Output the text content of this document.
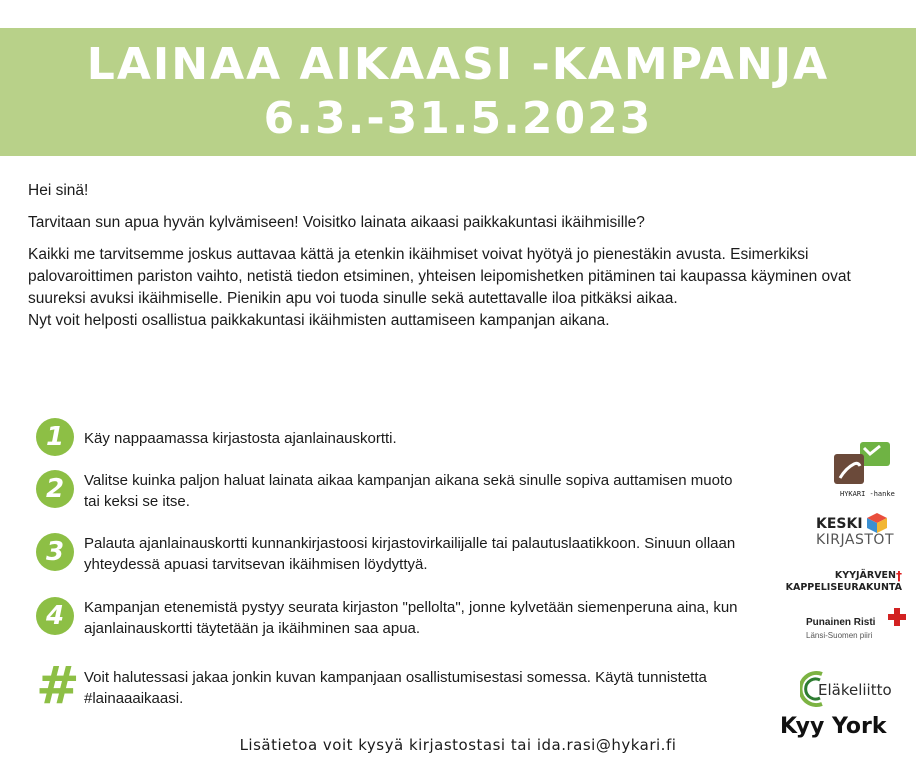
LAINAA AIKAASI -KAMPANJA
6.3.-31.5.2023

Hei sinä!

Tarvitaan sun apua hyvän kylvämiseen! Voisitko lainata aikaasi paikkakuntasi ikäihmisille?

Kaikki me tarvitsemme joskus auttavaa kättä ja etenkin ikäihmiset voivat hyötyä jo pienestäkin avusta. Esimerkiksi palovaroittimen pariston vaihto, netistä tiedon etsiminen, yhteisen leipomishetken pitäminen tai kaupassa käyminen ovat suureksi avuksi ikäihmiselle. Pienikin apu voi tuoda sinulle sekä autettavalle iloa pitkäksi aikaa.

Nyt voit helposti osallistua paikkakuntasi ikäihmisten auttamiseen kampanjan aikana.

1	Käy nappaamassa kirjastosta ajanlainauskortti.
2	Valitse kuinka paljon haluat lainata aikaa kampanjan aikana sekä sinulle sopiva auttamisen muoto tai keksi se itse.
3	Palauta ajanlainauskortti kunnankirjastoosi kirjastovirkailijalle tai palautuslaatikkoon. Sinuun ollaan yhteydessä apuasi tarvitsevan ikäihmisen löydyttyä.
4	Kampanjan etenemistä pystyy seurata kirjaston "pellolta", jonne kylvetään siemenperuna aina, kun ajanlainauskortti täytetään ja ikäihminen saa apua.
# Voit halutessasi jakaa jonkin kuvan kampanjaan osallistumisestasi somessa. Käytä tunnistetta #lainaaaikaasi.
Lisätietoa voit kysyä kirjastostasi tai ida.rasi@hykari.fi
HYKARI -hanke
KESKI
KIRJASTOT
KYYJÄRVEN†
KAPPELISEURAKUNTA
Punainen Risti
Länsi-Suomen piiri
Eläkeliitto
Kyy York
